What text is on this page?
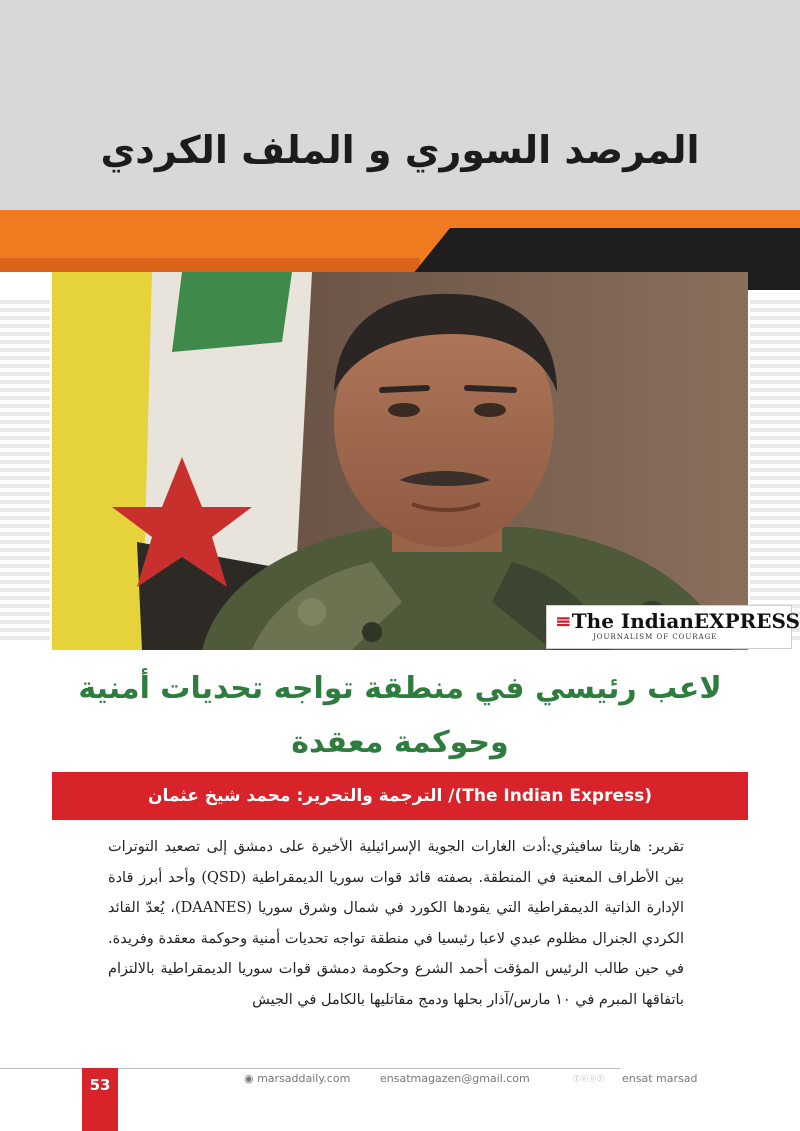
المرصد السوري و الملف الكردي
≡The IndianEXPRESS
JOURNALISM OF COURAGE
لاعب رئيسي في منطقة تواجه تحديات أمنية
وحوكمة معقدة
(The Indian Express)/ الترجمة والتحرير: محمد شيخ عثمان

تقرير: هاريثا سافيثري:أدت الغارات الجوية الإسرائيلية الأخيرة على دمشق إلى تصعيد التوترات بين الأطراف المعنية في المنطقة. بصفته قائد قوات سوريا الديمقراطية (QSD) وأحد أبرز قادة الإدارة الذاتية الديمقراطية التي يقودها الكورد في شمال وشرق سوريا (DAANES)، يُعدّ القائد الكردي الجنرال مظلوم عبدي لاعبا رئيسيا في منطقة تواجه تحديات أمنية وحوكمة معقدة وفريدة. في حين طالب الرئيس المؤقت أحمد الشرع وحكومة دمشق قوات سوريا الديمقراطية بالالتزام باتفاقها المبرم في ١٠ مارس/آذار بحلها ودمج مقاتليها بالكامل في الجيش

53	◉ marsaddaily.com	ensatmagazen@gmail.com	ⓕⓔⓞⓨ ensat marsad
